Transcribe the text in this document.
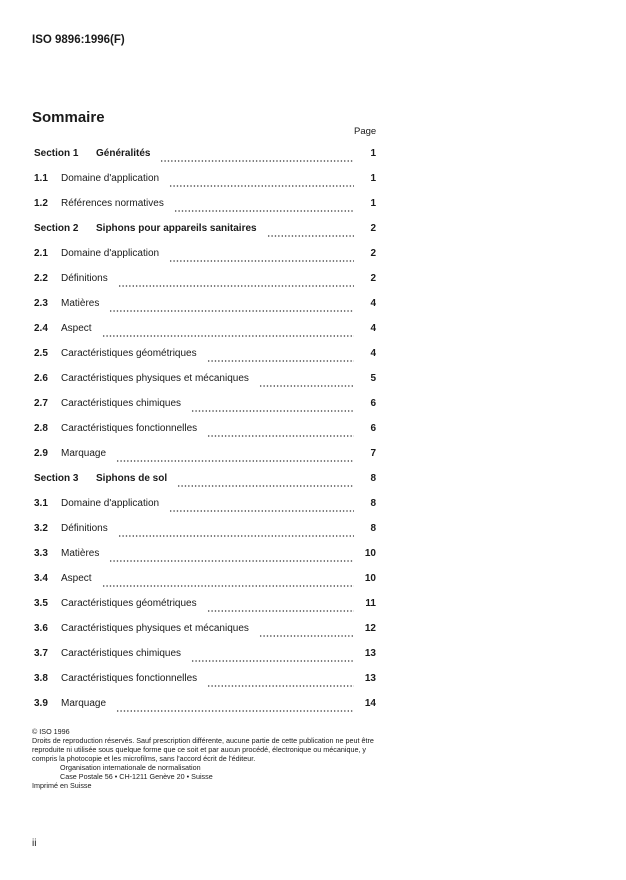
ISO 9896:1996(F)
Sommaire
Page
Section 1	Généralités	1
1.1	Domaine d'application	1
1.2	Références normatives	1
Section 2	Siphons pour appareils sanitaires	2
2.1	Domaine d'application	2
2.2	Définitions	2
2.3	Matières	4
2.4	Aspect	4
2.5	Caractéristiques géométriques	4
2.6	Caractéristiques physiques et mécaniques	5
2.7	Caractéristiques chimiques	6
2.8	Caractéristiques fonctionnelles	6
2.9	Marquage	7
Section 3	Siphons de sol	8
3.1	Domaine d'application	8
3.2	Définitions	8
3.3	Matières	10
3.4	Aspect	10
3.5	Caractéristiques géométriques	11
3.6	Caractéristiques physiques et mécaniques	12
3.7	Caractéristiques chimiques	13
3.8	Caractéristiques fonctionnelles	13
3.9	Marquage	14
© ISO 1996
Droits de reproduction réservés. Sauf prescription différente, aucune partie de cette publication ne peut être reproduite ni utilisée sous quelque forme que ce soit et par aucun procédé, électronique ou mécanique, y compris la photocopie et les microfilms, sans l'accord écrit de l'éditeur.
Organisation internationale de normalisation
Case Postale 56 • CH-1211 Genève 20 • Suisse
Imprimé en Suisse
ii
